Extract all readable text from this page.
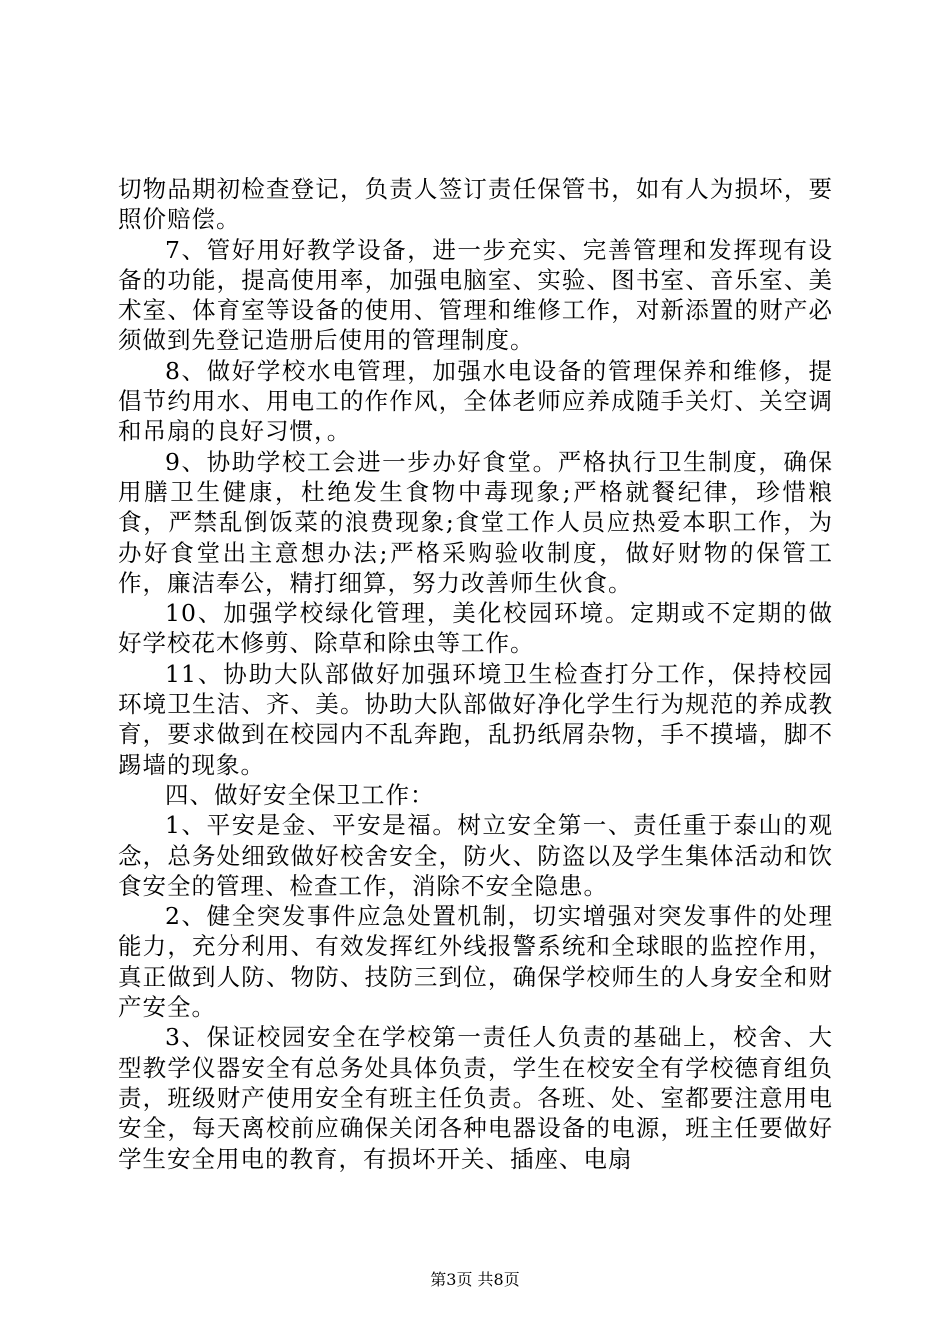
切物品期初检查登记，负责人签订责任保管书，如有人为损坏，要照价赔偿。

7、管好用好教学设备，进一步充实、完善管理和发挥现有设备的功能，提高使用率，加强电脑室、实验、图书室、音乐室、美术室、体育室等设备的使用、管理和维修工作，对新添置的财产必须做到先登记造册后使用的管理制度。

8、做好学校水电管理，加强水电设备的管理保养和维修，提倡节约用水、用电工的作作风，全体老师应养成随手关灯、关空调和吊扇的良好习惯，。

9、协助学校工会进一步办好食堂。严格执行卫生制度，确保用膳卫生健康，杜绝发生食物中毒现象;严格就餐纪律，珍惜粮食，严禁乱倒饭菜的浪费现象;食堂工作人员应热爱本职工作，为办好食堂出主意想办法;严格采购验收制度，做好财物的保管工作，廉洁奉公，精打细算，努力改善师生伙食。

10、加强学校绿化管理，美化校园环境。定期或不定期的做好学校花木修剪、除草和除虫等工作。

11、协助大队部做好加强环境卫生检查打分工作，保持校园环境卫生洁、齐、美。协助大队部做好净化学生行为规范的养成教育，要求做到在校园内不乱奔跑，乱扔纸屑杂物，手不摸墙，脚不踢墙的现象。

四、做好安全保卫工作：

1、平安是金、平安是福。树立安全第一、责任重于泰山的观念，总务处细致做好校舍安全，防火、防盗以及学生集体活动和饮食安全的管理、检查工作，消除不安全隐患。

2、健全突发事件应急处置机制，切实增强对突发事件的处理能力，充分利用、有效发挥红外线报警系统和全球眼的监控作用，真正做到人防、物防、技防三到位，确保学校师生的人身安全和财产安全。

3、保证校园安全在学校第一责任人负责的基础上，校舍、大型教学仪器安全有总务处具体负责，学生在校安全有学校德育组负责，班级财产使用安全有班主任负责。各班、处、室都要注意用电安全，每天离校前应确保关闭各种电器设备的电源，班主任要做好学生安全用电的教育，有损坏开关、插座、电扇

第3页 共8页
